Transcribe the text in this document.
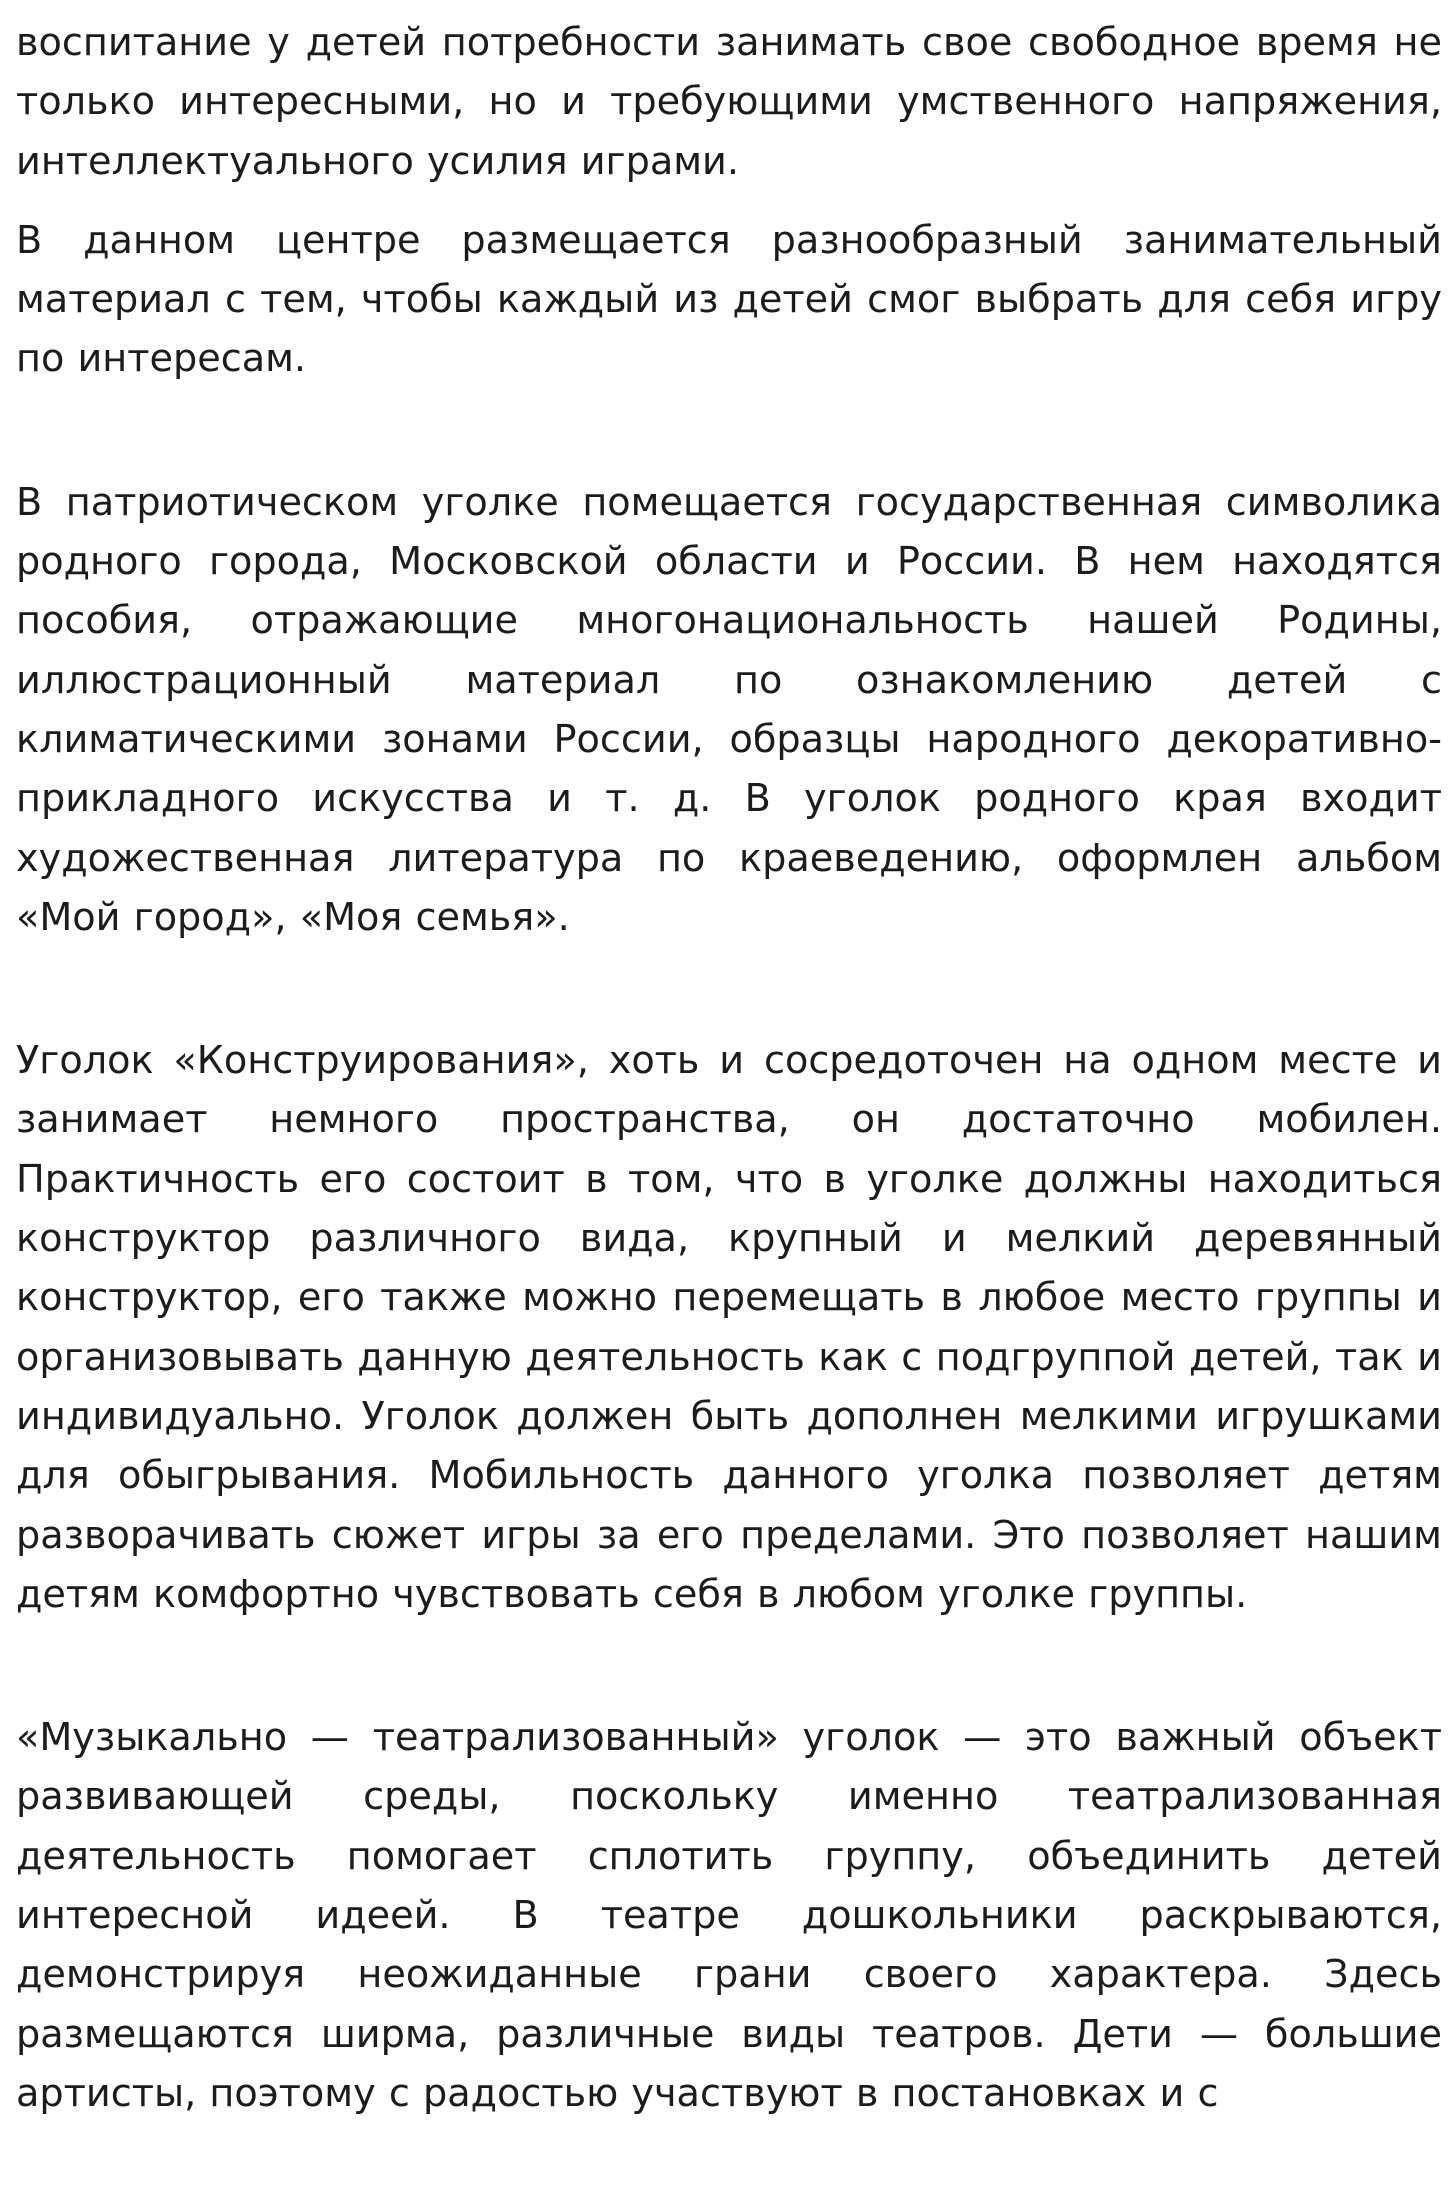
воспитание у детей потребности занимать свое свободное время не только интересными, но и требующими умственного напряжения, интеллектуального усилия играми.

В данном центре размещается разнообразный занимательный материал с тем, чтобы каждый из детей смог выбрать для себя игру по интересам.

В патриотическом уголке помещается государственная символика родного города, Московской области и России. В нем находятся пособия, отражающие многонациональность нашей Родины, иллюстрационный материал по ознакомлению детей с климатическими зонами России, образцы народного декоративно-прикладного искусства и т. д. В уголок родного края входит художественная литература по краеведению, оформлен альбом «Мой город», «Моя семья».

Уголок «Конструирования», хоть и сосредоточен на одном месте и занимает немного пространства, он достаточно мобилен. Практичность его состоит в том, что в уголке должны находиться конструктор различного вида, крупный и мелкий деревянный конструктор, его также можно перемещать в любое место группы и организовывать данную деятельность как с подгруппой детей, так и индивидуально. Уголок должен быть дополнен мелкими игрушками для обыгрывания. Мобильность данного уголка позволяет детям разворачивать сюжет игры за его пределами. Это позволяет нашим детям комфортно чувствовать себя в любом уголке группы.

«Музыкально — театрализованный» уголок — это важный объект развивающей среды, поскольку именно театрализованная деятельность помогает сплотить группу, объединить детей интересной идеей. В театре дошкольники раскрываются, демонстрируя неожиданные грани своего характера. Здесь размещаются ширма, различные виды театров. Дети — большие артисты, поэтому с радостью участвуют в постановках и с
